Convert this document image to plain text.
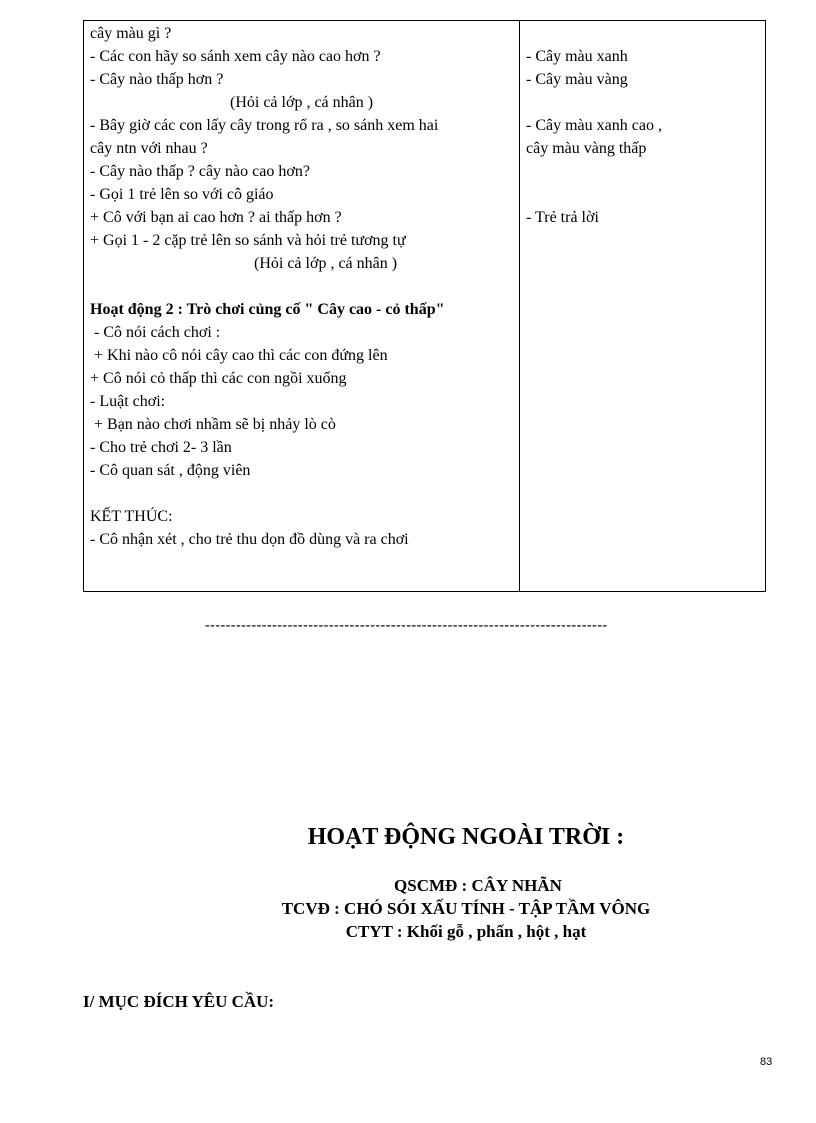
cây màu gì ?
- Các con hãy so sánh xem cây nào cao hơn ?
- Cây nào thấp hơn ?
(Hỏi cả lớp , cá nhân )
- Bây giờ các con lấy cây trong rổ ra , so sánh xem hai
cây ntn với nhau ?
- Cây nào thấp ? cây nào cao hơn?
- Gọi 1 trẻ lên so với cô giáo
+ Cô với bạn ai cao hơn ? ai thấp hơn ?
+ Gọi 1 - 2 cặp trẻ lên so sánh và hỏi trẻ tương tự
(Hỏi cả lớp , cá nhân )
Hoạt động 2 : Trò chơi củng cố " Cây cao - cỏ thấp"
- Cô nói cách chơi :
+ Khi nào cô nói cây cao thì các con đứng lên
+ Cô nói cỏ thấp thì các con ngồi xuống
- Luật chơi:
+ Bạn nào chơi nhầm sẽ bị nhảy lò cò
- Cho trẻ chơi 2- 3 lần
- Cô quan sát , động viên
KẾT THÚC:
- Cô nhận xét , cho trẻ thu dọn đồ dùng và ra chơi
- Cây màu xanh
- Cây màu vàng
- Cây màu xanh cao ,
cây màu vàng thấp
- Trẻ trả lời
------------------------------------------------------------------------------
HOẠT ĐỘNG NGOÀI TRỜI :
QSCMĐ : CÂY NHÃN
TCVĐ : CHÓ SÓI XẤU TÍNH - TẬP TẦM VÔNG
CTYT : Khối gỗ , phấn , hột , hạt
I/ MỤC ĐÍCH YÊU CẦU:
83
